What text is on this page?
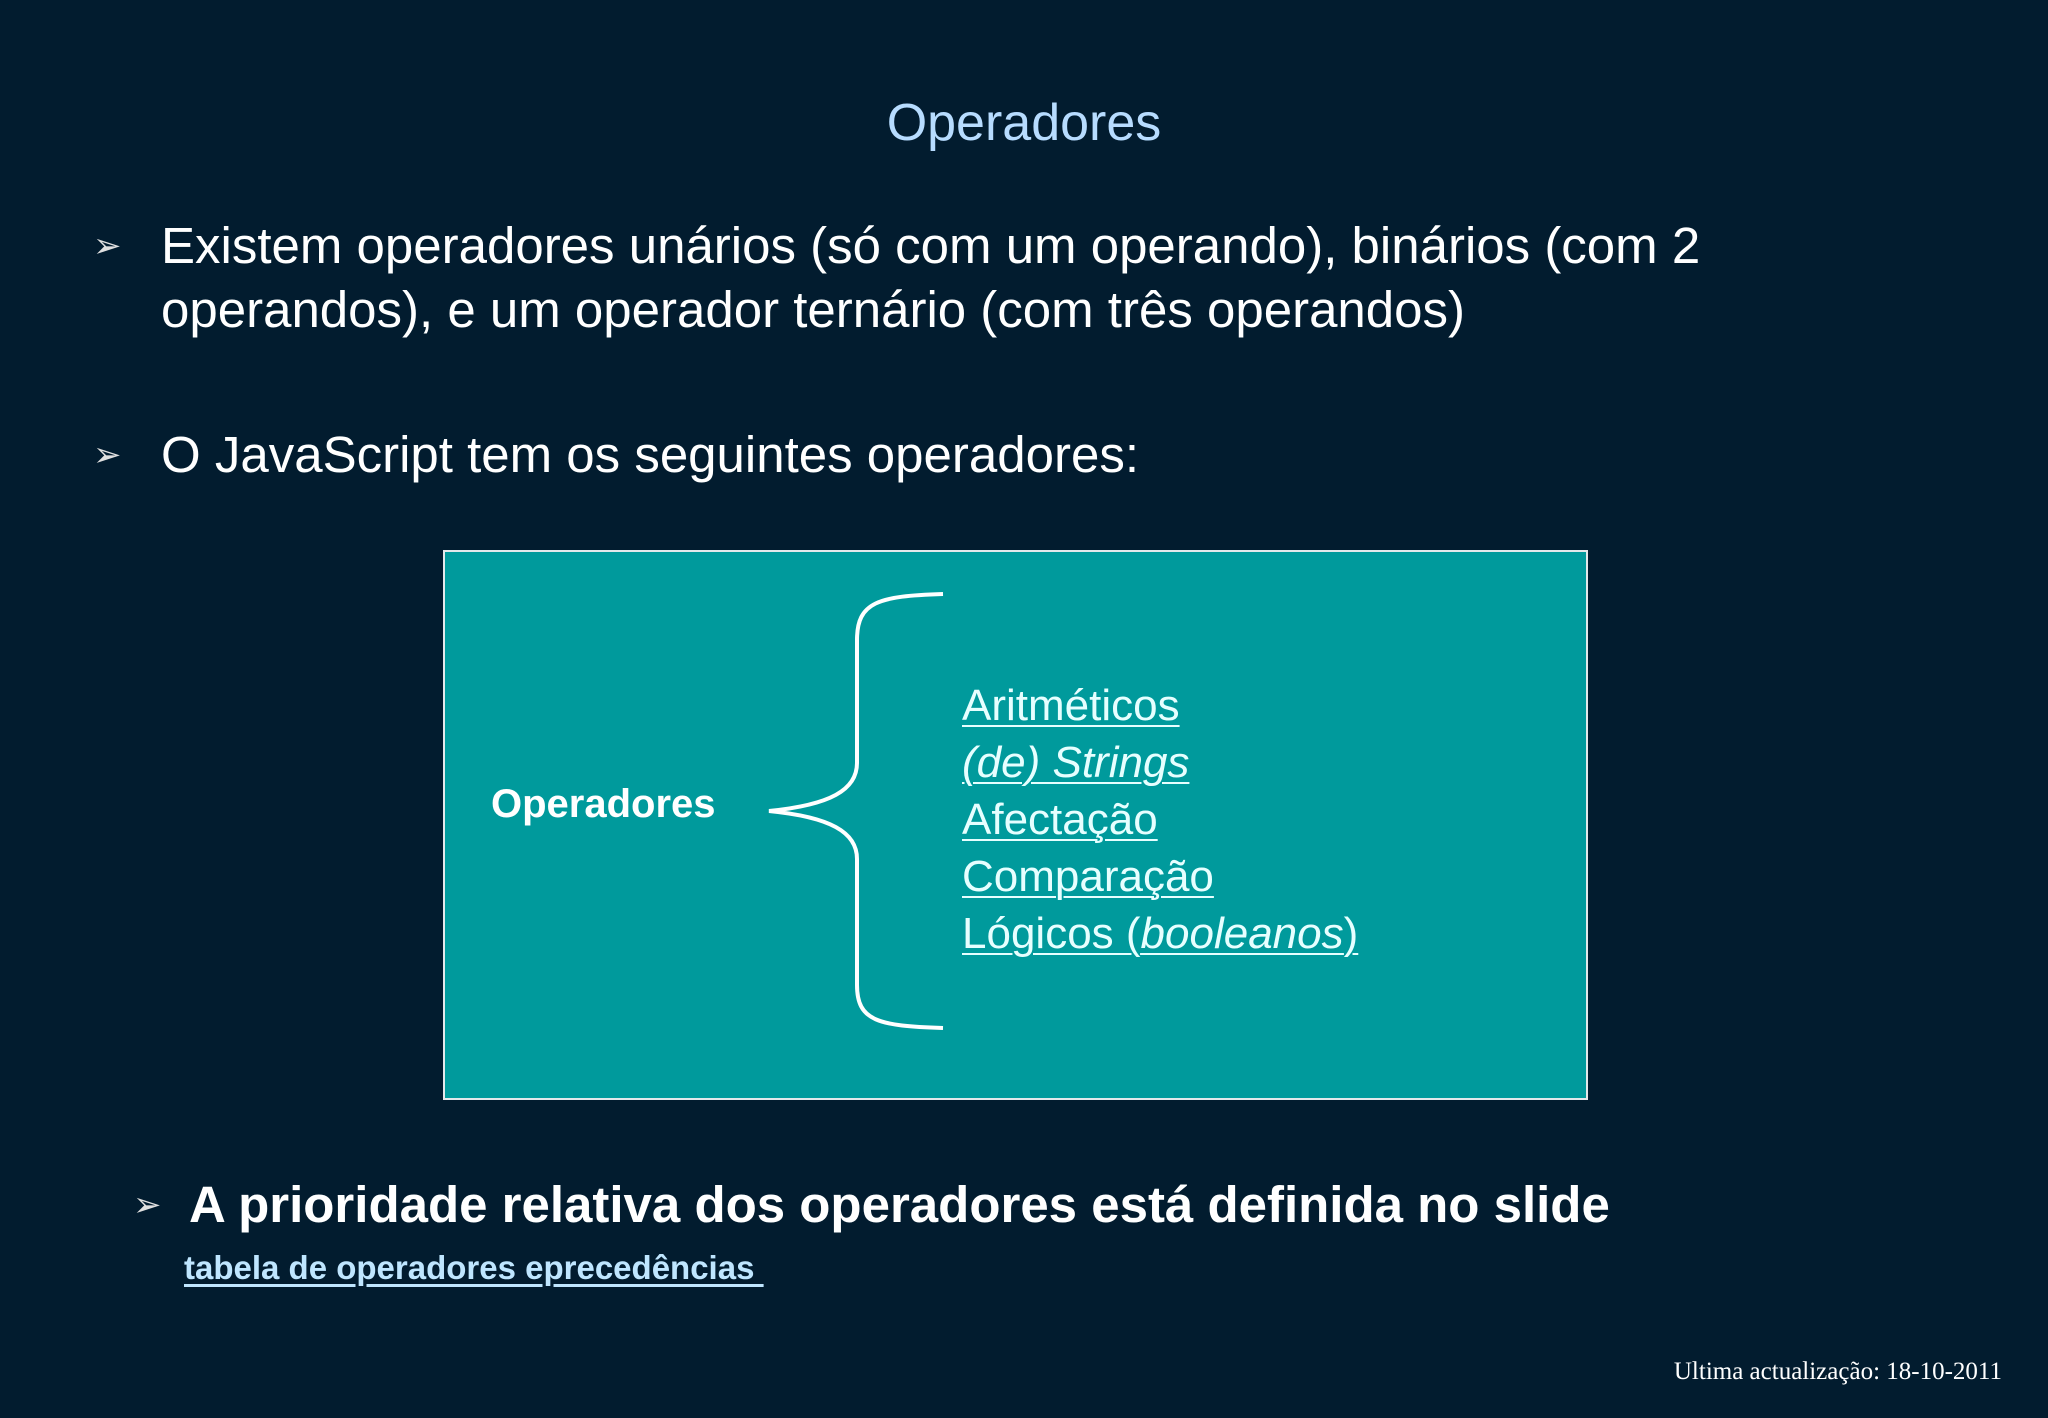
Operadores
➢ Existem operadores unários (só com um operando), binários (com 2 operandos), e um operador ternário (com três operandos)
➢ O JavaScript tem os seguintes operadores:
Operadores
Aritméticos
(de) Strings
Afectação
Comparação
Lógicos (booleanos)
➢ A prioridade relativa dos operadores está definida no slide
tabela de operadores eprecedências
Ultima actualização: 18-10-2011
